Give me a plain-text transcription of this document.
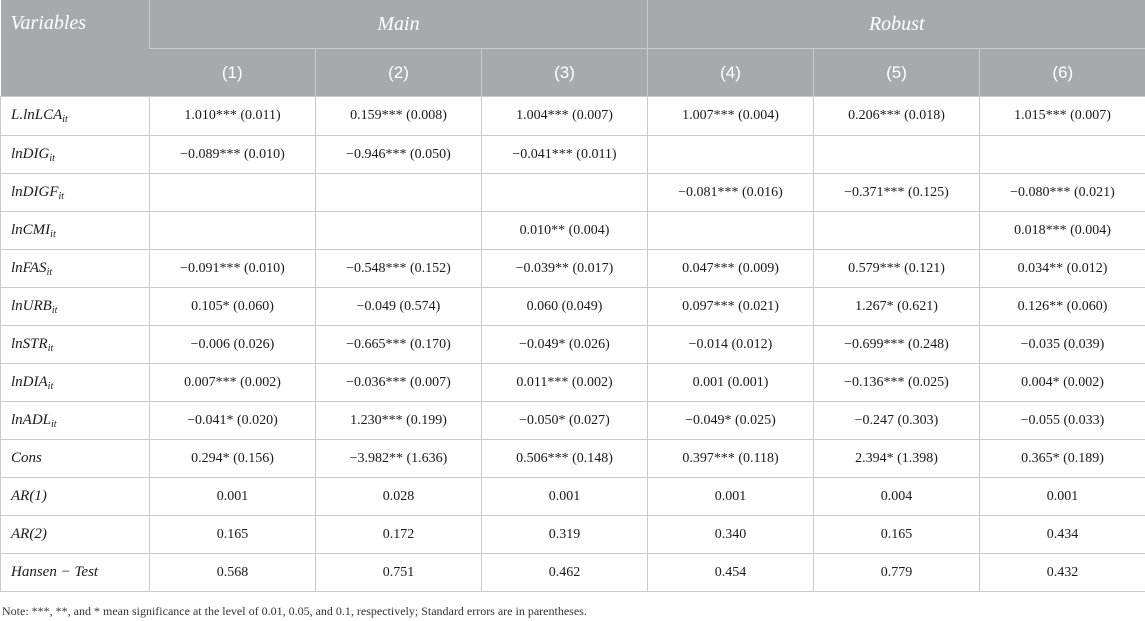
Variables	Main			Robust		
	(1)	(2)	(3)	(4)	(5)	(6)
L.lnLCA$_{it}$	1.010*** (0.011)	0.159*** (0.008)	1.004*** (0.007)	1.007*** (0.004)	0.206*** (0.018)	1.015*** (0.007)
lnDIG$_{it}$	−0.089*** (0.010)	−0.946*** (0.050)	−0.041*** (0.011)			
lnDIGF$_{it}$				−0.081*** (0.016)	−0.371*** (0.125)	−0.080*** (0.021)
lnCMI$_{it}$			0.010** (0.004)			0.018*** (0.004)
lnFAS$_{it}$	−0.091*** (0.010)	−0.548*** (0.152)	−0.039** (0.017)	0.047*** (0.009)	0.579*** (0.121)	0.034** (0.012)
lnURB$_{it}$	0.105* (0.060)	−0.049 (0.574)	0.060 (0.049)	0.097*** (0.021)	1.267* (0.621)	0.126** (0.060)
lnSTR$_{it}$	−0.006 (0.026)	−0.665*** (0.170)	−0.049* (0.026)	−0.014 (0.012)	−0.699*** (0.248)	−0.035 (0.039)
lnDIA$_{it}$	0.007*** (0.002)	−0.036*** (0.007)	0.011*** (0.002)	0.001 (0.001)	−0.136*** (0.025)	0.004* (0.002)
lnADL$_{it}$	−0.041* (0.020)	1.230*** (0.199)	−0.050* (0.027)	−0.049* (0.025)	−0.247 (0.303)	−0.055 (0.033)
Cons	0.294* (0.156)	−3.982** (1.636)	0.506*** (0.148)	0.397*** (0.118)	2.394* (1.398)	0.365* (0.189)
AR(1)	0.001	0.028	0.001	0.001	0.004	0.001
AR(2)	0.165	0.172	0.319	0.340	0.165	0.434
Hansen − Test	0.568	0.751	0.462	0.454	0.779	0.432
Note: ***, **, and * mean significance at the level of 0.01, 0.05, and 0.1, respectively; Standard errors are in parentheses.
